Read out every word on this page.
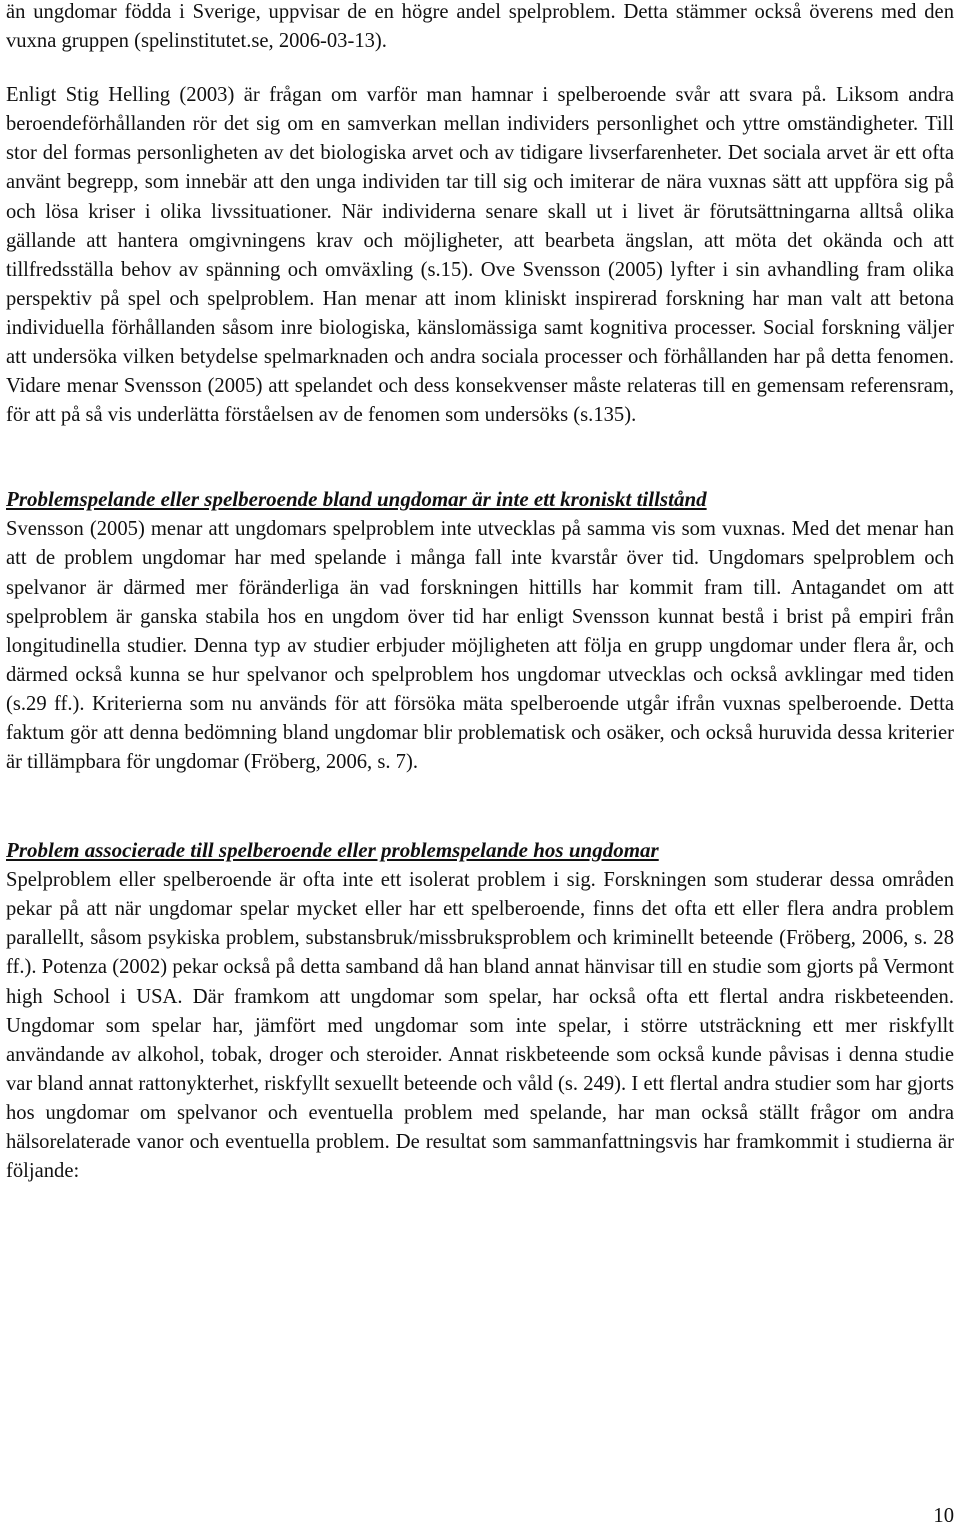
än ungdomar födda i Sverige, uppvisar de en högre andel spelproblem. Detta stämmer också överens med den vuxna gruppen (spelinstitutet.se, 2006-03-13).

Enligt Stig Helling (2003) är frågan om varför man hamnar i spelberoende svår att svara på. Liksom andra beroendeförhållanden rör det sig om en samverkan mellan individers personlighet och yttre omständigheter. Till stor del formas personligheten av det biologiska arvet och av tidigare livserfarenheter. Det sociala arvet är ett ofta använt begrepp, som innebär att den unga individen tar till sig och imiterar de nära vuxnas sätt att uppföra sig på och lösa kriser i olika livssituationer. När individerna senare skall ut i livet är förutsättningarna alltså olika gällande att hantera omgivningens krav och möjligheter, att bearbeta ängslan, att möta det okända och att tillfredsställa behov av spänning och omväxling (s.15). Ove Svensson (2005) lyfter i sin avhandling fram olika perspektiv på spel och spelproblem. Han menar att inom kliniskt inspirerad forskning har man valt att betona individuella förhållanden såsom inre biologiska, känslomässiga samt kognitiva processer. Social forskning väljer att undersöka vilken betydelse spelmarknaden och andra sociala processer och förhållanden har på detta fenomen. Vidare menar Svensson (2005) att spelandet och dess konsekvenser måste relateras till en gemensam referensram, för att på så vis underlätta förståelsen av de fenomen som undersöks (s.135).

Problemspelande eller spelberoende bland ungdomar är inte ett kroniskt tillstånd

Svensson (2005) menar att ungdomars spelproblem inte utvecklas på samma vis som vuxnas. Med det menar han att de problem ungdomar har med spelande i många fall inte kvarstår över tid. Ungdomars spelproblem och spelvanor är därmed mer föränderliga än vad forskningen hittills har kommit fram till. Antagandet om att spelproblem är ganska stabila hos en ungdom över tid har enligt Svensson kunnat bestå i brist på empiri från longitudinella studier. Denna typ av studier erbjuder möjligheten att följa en grupp ungdomar under flera år, och därmed också kunna se hur spelvanor och spelproblem hos ungdomar utvecklas och också avklingar med tiden (s.29 ff.). Kriterierna som nu används för att försöka mäta spelberoende utgår ifrån vuxnas spelberoende. Detta faktum gör att denna bedömning bland ungdomar blir problematisk och osäker, och också huruvida dessa kriterier är tillämpbara för ungdomar (Fröberg, 2006, s. 7).

Problem associerade till spelberoende eller problemspelande hos ungdomar

Spelproblem eller spelberoende är ofta inte ett isolerat problem i sig. Forskningen som studerar dessa områden pekar på att när ungdomar spelar mycket eller har ett spelberoende, finns det ofta ett eller flera andra problem parallellt, såsom psykiska problem, substansbruk/missbruksproblem och kriminellt beteende (Fröberg, 2006, s. 28 ff.). Potenza (2002) pekar också på detta samband då han bland annat hänvisar till en studie som gjorts på Vermont high School i USA. Där framkom att ungdomar som spelar, har också ofta ett flertal andra riskbeteenden. Ungdomar som spelar har, jämfört med ungdomar som inte spelar, i större utsträckning ett mer riskfyllt användande av alkohol, tobak, droger och steroider. Annat riskbeteende som också kunde påvisas i denna studie var bland annat rattonykterhet, riskfyllt sexuellt beteende och våld (s. 249). I ett flertal andra studier som har gjorts hos ungdomar om spelvanor och eventuella problem med spelande, har man också ställt frågor om andra hälsorelaterade vanor och eventuella problem. De resultat som sammanfattningsvis har framkommit i studierna är följande:

10
